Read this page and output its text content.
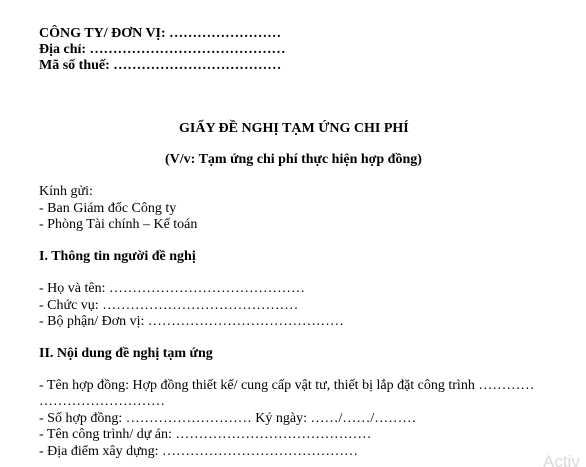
CÔNG TY/ ĐƠN VỊ: ……………………
Địa chỉ: ……………………………………
Mã số thuế: ………………………………
GIẤY ĐỀ NGHỊ TẠM ỨNG CHI PHÍ
(V/v: Tạm ứng chi phí thực hiện hợp đồng)
Kính gửi:
- Ban Giám đốc Công ty
- Phòng Tài chính – Kế toán
I. Thông tin người đề nghị
- Họ và tên: ……………………………………
- Chức vụ: ……………………………………
- Bộ phận/ Đơn vị: ……………………………………
II. Nội dung đề nghị tạm ứng
- Tên hợp đồng: Hợp đồng thiết kế/ cung cấp vật tư, thiết bị lắp đặt công trình …………
………………………
- Số hợp đồng: ……………………… Ký ngày: ……/……/………
- Tên công trình/ dự án: ……………………………………
- Địa điểm xây dựng: ……………………………………
Activ
